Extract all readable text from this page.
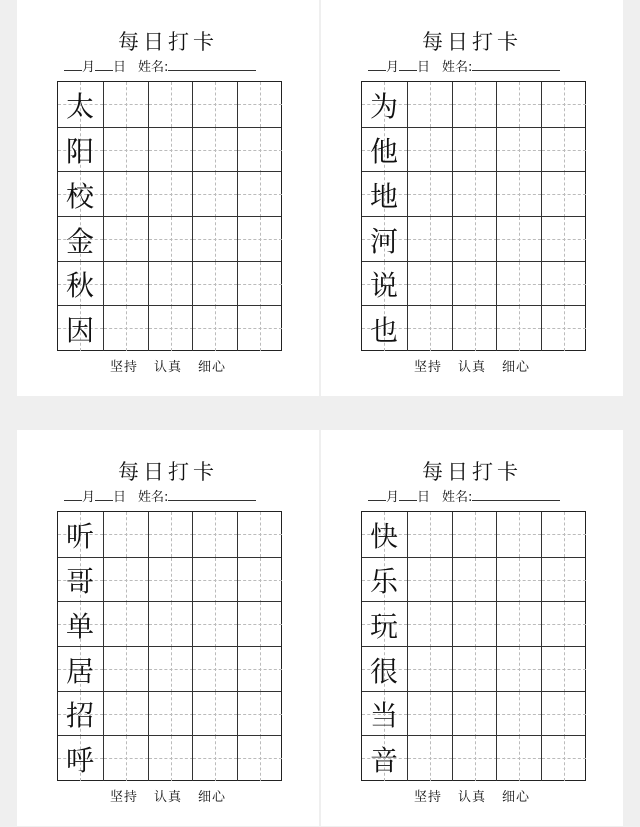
每日打卡
月 日 姓名:
太
阳
校
金
秋
因
坚持 认真 细心
每日打卡
月 日 姓名:
为
他
地
河
说
也
坚持 认真 细心
每日打卡
月 日 姓名:
听
哥
单
居
招
呼
坚持 认真 细心
每日打卡
月 日 姓名:
快
乐
玩
很
当
音
坚持 认真 细心
